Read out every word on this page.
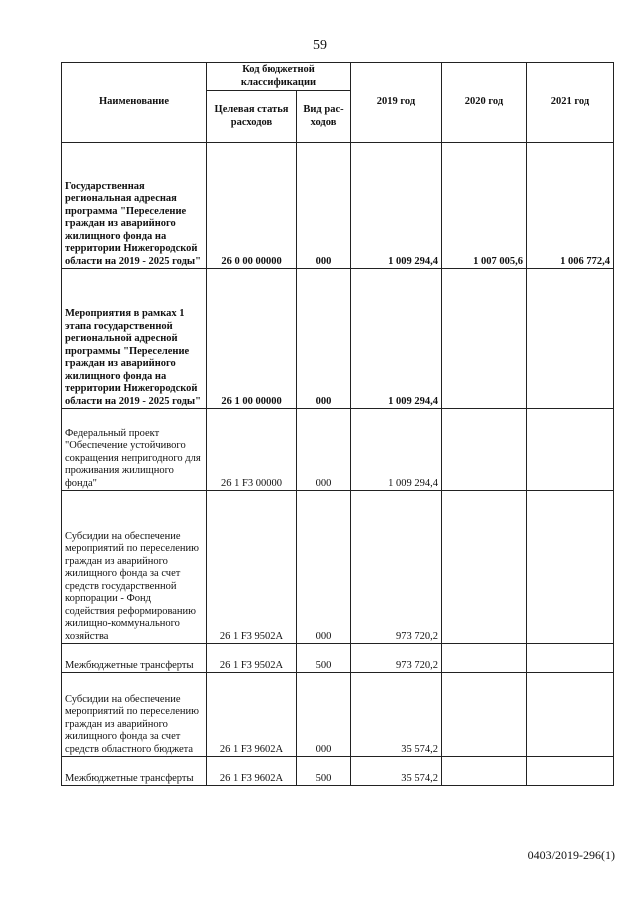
59
Наименование	Код бюджетной классификации		2019 год	2020 год	2021 год
	Целевая статья расходов	Вид рас-ходов			
Государственная региональная адресная программа "Переселение граждан из аварийного жилищного фонда на территории Нижегородской области на 2019 - 2025 годы"	26 0 00 00000	000	1 009 294,4	1 007 005,6	1 006 772,4
Мероприятия в рамках 1 этапа государственной региональной адресной программы "Переселение граждан из аварийного жилищного фонда на территории Нижегородской области на 2019 - 2025 годы"	26 1 00 00000	000	1 009 294,4		
Федеральный проект "Обеспечение устойчивого сокращения непригодного для проживания жилищного фонда"	26 1 F3 00000	000	1 009 294,4		
Субсидии на обеспечение мероприятий по переселению граждан из аварийного жилищного фонда за счет средств государственной корпорации - Фонд содействия реформированию жилищно-коммунального хозяйства	26 1 F3 9502A	000	973 720,2		
Межбюджетные трансферты	26 1 F3 9502A	500	973 720,2		
Субсидии на обеспечение мероприятий по переселению граждан из аварийного жилищного фонда за счет средств областного бюджета	26 1 F3 9602A	000	35 574,2		
Межбюджетные трансферты	26 1 F3 9602A	500	35 574,2		
0403/2019-296(1)
